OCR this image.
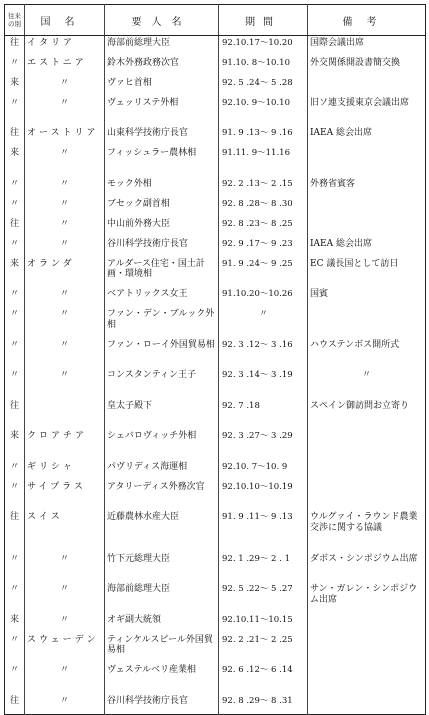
往来
の別	国名	要人名	期間	備考
往	イタリア	海部前総理大臣	92.10.17～10.20	国際会議出席
〃	エストニア	鈴木外務政務次官	91.10. 8～10.10	外交関係開設書簡交換
来	〃	ヴァヒ首相	92. 5 .24～ 5 .28	
〃	〃	ヴェッリステ外相	92.10. 9～10.10	旧ソ連支援東京会議出席
往	オーストリア	山東科学技術庁長官	91. 9 .13～ 9 .16	IAEA 総会出席
来	〃	フィッシュラー農林相	91.11. 9～11.16	
〃	〃	モック外相	92. 2 .13～ 2 .15	外務省賓客
〃	〃	ブセック副首相	92. 8 .28～ 8 .30	
往	〃	中山前外務大臣	92. 8 .23～ 8 .25	
〃	〃	谷川科学技術庁長官	92. 9 .17～ 9 .23	IAEA 総会出席
来	オランダ	アルダース住宅・国土計画・環境相	91. 9 .24～ 9 .25	EC 議長国として訪日
〃	〃	ベアトリックス女王	91.10.20～10.26	国賓
〃	〃	ファン・デン・ブルック外相	〃	
〃	〃	ファン・ローイ外国貿易相	92. 3 .12～ 3 .16	ハウステンボス開所式
〃	〃	コンスタンティン王子	92. 3 .14～ 3 .19	〃
往		皇太子殿下	92. 7 .18	スペイン御訪問お立寄り
来	クロアチア	シェバロヴィッチ外相	92. 3 .27～ 3 .29	
〃	ギリシャ	パヴリディス海運相	92.10. 7～10. 9	
〃	サイプラス	アタリーディス外務次官	92.10.10～10.19	
往	スイス	近藤農林水産大臣	91. 9 .11～ 9 .13	ウルグァイ・ラウンド農業交渉に関する協議
〃	〃	竹下元総理大臣	92. 1 .29～ 2 . 1	ダボス・シンポジウム出席
〃	〃	海部前総理大臣	92. 5 .22～ 5 .27	サン・ガレン・シンポジウム出席
来	〃	オギ副大統領	92.10.11～10.15	
〃	スウェーデン	ティンケルスピール外国貿易相	92. 2 .21～ 2 .25	
〃	〃	ヴェステルベリ産業相	92. 6 .12～ 6 .14	
往	〃	谷川科学技術庁長官	92. 8 .29～ 8 .31	
